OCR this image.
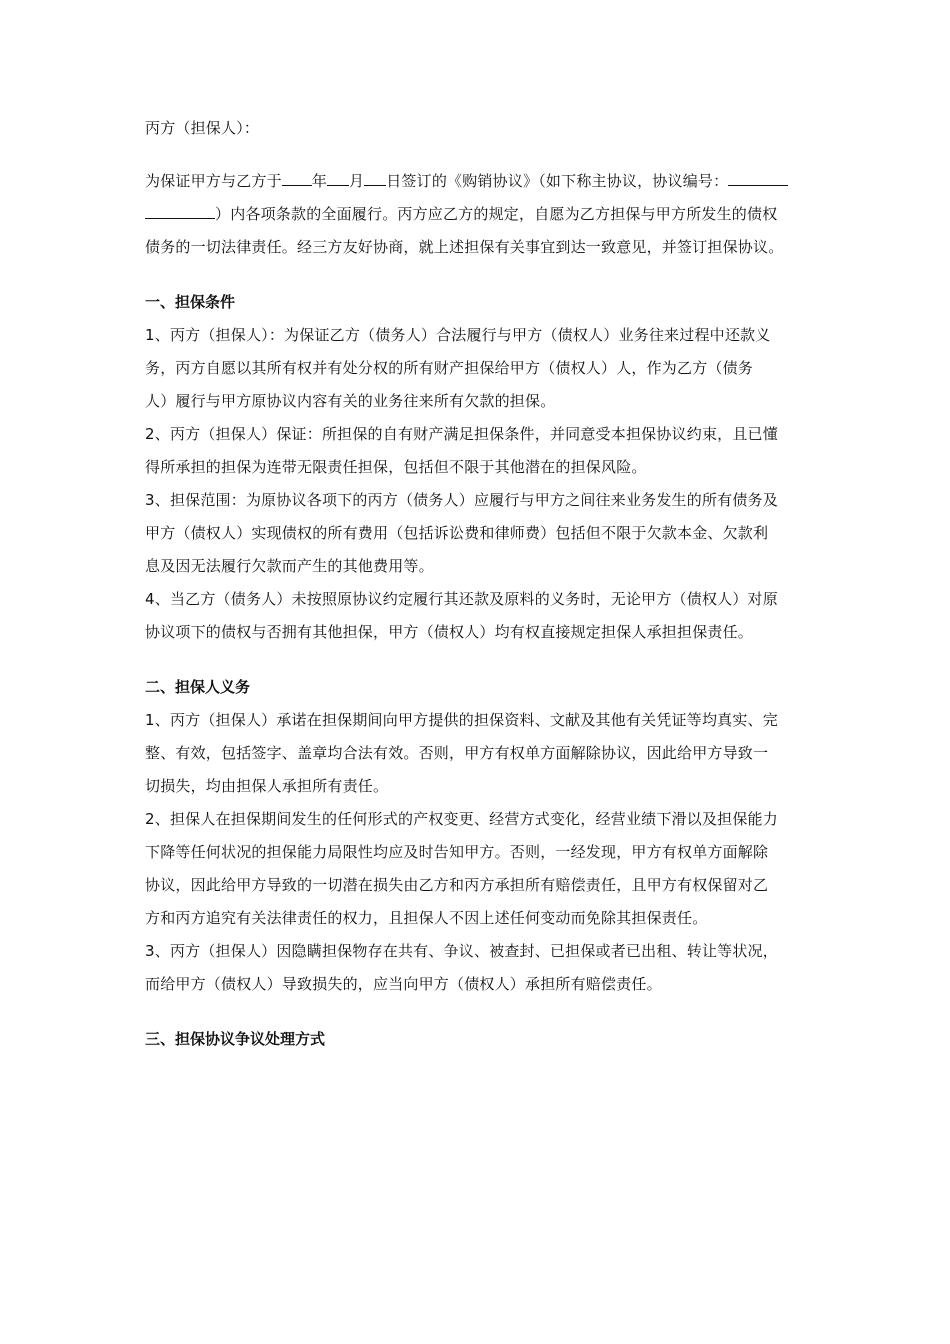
丙方（担保人）：
为保证甲方与乙方于 年 月 日签订的《购销协议》（如下称主协议，协议编号：
）内各项条款的全面履行。丙方应乙方的规定，自愿为乙方担保与甲方所发生的债权
债务的一切法律责任。经三方友好协商，就上述担保有关事宜到达一致意见，并签订担保协议。
一、担保条件
1、丙方（担保人）：为保证乙方（债务人）合法履行与甲方（债权人）业务往来过程中还款义
务，丙方自愿以其所有权并有处分权的所有财产担保给甲方（债权人）人，作为乙方（债务
人）履行与甲方原协议内容有关的业务往来所有欠款的担保。
2、丙方（担保人）保证：所担保的自有财产满足担保条件，并同意受本担保协议约束，且已懂
得所承担的担保为连带无限责任担保，包括但不限于其他潜在的担保风险。
3、担保范围：为原协议各项下的丙方（债务人）应履行与甲方之间往来业务发生的所有债务及
甲方（债权人）实现债权的所有费用（包括诉讼费和律师费）包括但不限于欠款本金、欠款利
息及因无法履行欠款而产生的其他费用等。
4、当乙方（债务人）未按照原协议约定履行其还款及原料的义务时，无论甲方（债权人）对原
协议项下的债权与否拥有其他担保，甲方（债权人）均有权直接规定担保人承担担保责任。
二、担保人义务
1、丙方（担保人）承诺在担保期间向甲方提供的担保资料、文献及其他有关凭证等均真实、完
整、有效，包括签字、盖章均合法有效。否则，甲方有权单方面解除协议，因此给甲方导致一
切损失，均由担保人承担所有责任。
2、担保人在担保期间发生的任何形式的产权变更、经营方式变化，经营业绩下滑以及担保能力
下降等任何状况的担保能力局限性均应及时告知甲方。否则，一经发现，甲方有权单方面解除
协议，因此给甲方导致的一切潜在损失由乙方和丙方承担所有赔偿责任，且甲方有权保留对乙
方和丙方追究有关法律责任的权力，且担保人不因上述任何变动而免除其担保责任。
3、丙方（担保人）因隐瞒担保物存在共有、争议、被查封、已担保或者已出租、转让等状况，
而给甲方（债权人）导致损失的，应当向甲方（债权人）承担所有赔偿责任。
三、担保协议争议处理方式
